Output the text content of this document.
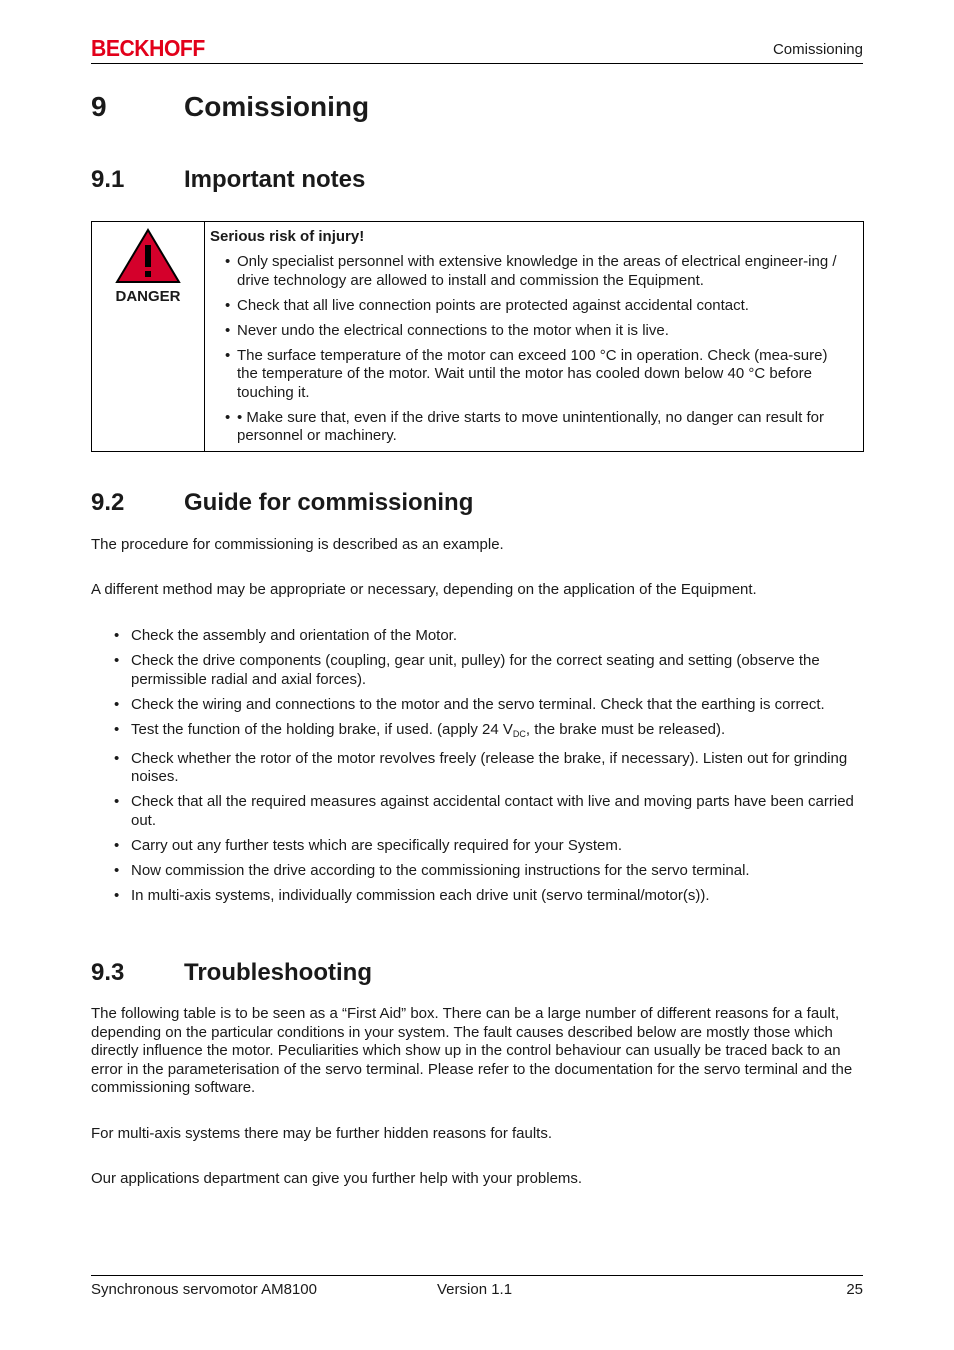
BECKHOFF	Comissioning
9	Comissioning
9.1 Important notes
DANGER
Serious risk of injury!
• Only specialist personnel with extensive knowledge in the areas of electrical engineer-ing / drive technology are allowed to install and commission the Equipment.
• Check that all live connection points are protected against accidental contact.
• Never undo the electrical connections to the motor when it is live.
• The surface temperature of the motor can exceed 100 °C in operation. Check (mea-sure) the temperature of the motor. Wait until the motor has cooled down below 40 °C before touching it.
• • Make sure that, even if the drive starts to move unintentionally, no danger can result for personnel or machinery.
9.2 Guide for commissioning
The procedure for commissioning is described as an example.
A different method may be appropriate or necessary, depending on the application of the Equipment.
• Check the assembly and orientation of the Motor.
• Check the drive components (coupling, gear unit, pulley) for the correct seating and setting (observe the permissible radial and axial forces).
• Check the wiring and connections to the motor and the servo terminal. Check that the earthing is correct.
• Test the function of the holding brake, if used. (apply 24 $V_{DC}$, the brake must be released).
• Check whether the rotor of the motor revolves freely (release the brake, if necessary). Listen out for grinding noises.
• Check that all the required measures against accidental contact with live and moving parts have been carried out.
• Carry out any further tests which are specifically required for your System.
• Now commission the drive according to the commissioning instructions for the servo terminal.
• In multi-axis systems, individually commission each drive unit (servo terminal/motor(s)).
9.3 Troubleshooting
The following table is to be seen as a “First Aid” box. There can be a large number of different reasons for a fault, depending on the particular conditions in your system. The fault causes described below are mostly those which directly influence the motor. Peculiarities which show up in the control behaviour can usually be traced back to an error in the parameterisation of the servo terminal. Please refer to the documentation for the servo terminal and the commissioning software.
For multi-axis systems there may be further hidden reasons for faults.
Our applications department can give you further help with your problems.
Synchronous servomotor AM8100	Version 1.1	25
